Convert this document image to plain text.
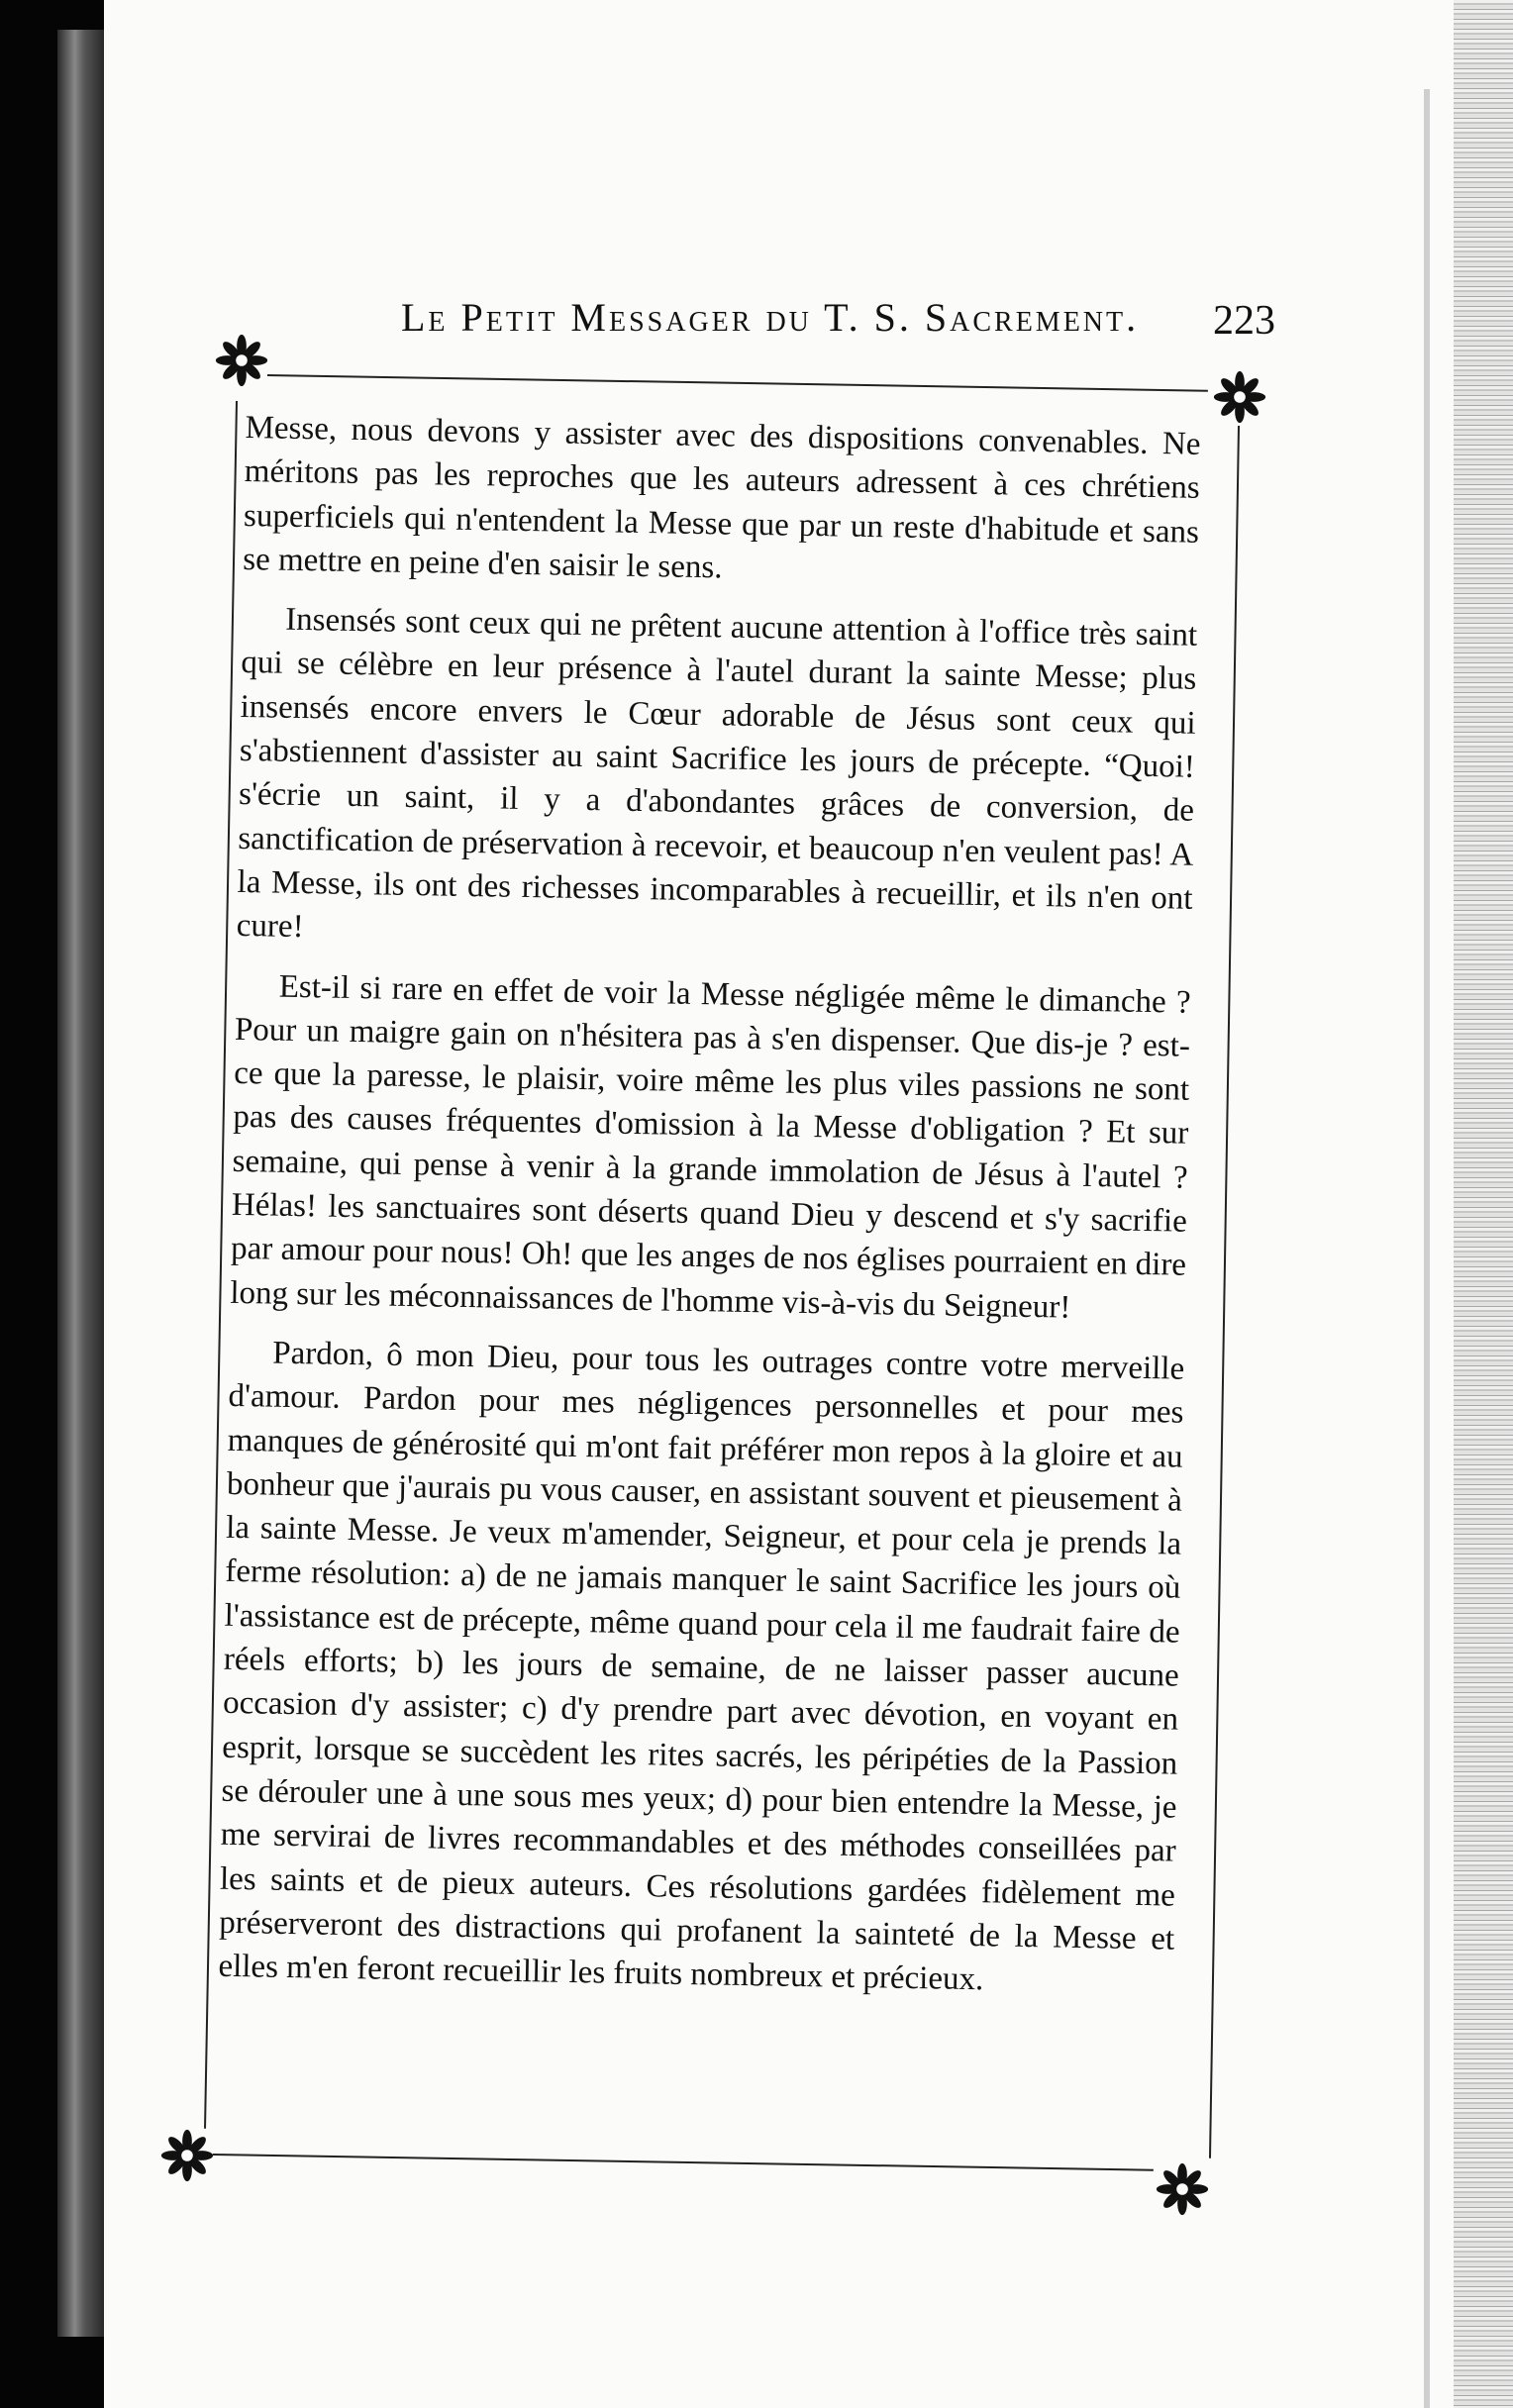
Le Petit Messager du T. S. Sacrement. 223

Messe, nous devons y assister avec des dispositions convenables. Ne méritons pas les reproches que les auteurs adressent à ces chrétiens superficiels qui n'entendent la Messe que par un reste d'habitude et sans se mettre en peine d'en saisir le sens.

Insensés sont ceux qui ne prêtent aucune attention à l'office très saint qui se célèbre en leur présence à l'autel durant la sainte Messe; plus insensés encore envers le Cœur adorable de Jésus sont ceux qui s'abstiennent d'assister au saint Sacrifice les jours de précepte. “Quoi! s'écrie un saint, il y a d'abondantes grâces de conversion, de sanctification de préservation à recevoir, et beaucoup n'en veulent pas! A la Messe, ils ont des richesses incomparables à recueillir, et ils n'en ont cure!

Est-il si rare en effet de voir la Messe négligée même le dimanche ? Pour un maigre gain on n'hésitera pas à s'en dispenser. Que dis-je ? est-ce que la paresse, le plaisir, voire même les plus viles passions ne sont pas des causes fréquentes d'omission à la Messe d'obligation ? Et sur semaine, qui pense à venir à la grande immolation de Jésus à l'autel ? Hélas! les sanctuaires sont déserts quand Dieu y descend et s'y sacrifie par amour pour nous! Oh! que les anges de nos églises pourraient en dire long sur les méconnaissances de l'homme vis-à-vis du Seigneur!

Pardon, ô mon Dieu, pour tous les outrages contre votre merveille d'amour. Pardon pour mes négligences personnelles et pour mes manques de générosité qui m'ont fait préférer mon repos à la gloire et au bonheur que j'aurais pu vous causer, en assistant souvent et pieusement à la sainte Messe. Je veux m'amender, Seigneur, et pour cela je prends la ferme résolution: a) de ne jamais manquer le saint Sacrifice les jours où l'assistance est de précepte, même quand pour cela il me faudrait faire de réels efforts; b) les jours de semaine, de ne laisser passer aucune occasion d'y assister; c) d'y prendre part avec dévotion, en voyant en esprit, lorsque se succèdent les rites sacrés, les péripéties de la Passion se dérouler une à une sous mes yeux; d) pour bien entendre la Messe, je me servirai de livres recommandables et des méthodes conseillées par les saints et de pieux auteurs. Ces résolutions gardées fidèlement me préserveront des distractions qui profanent la sainteté de la Messe et elles m'en feront recueillir les fruits nombreux et précieux.
